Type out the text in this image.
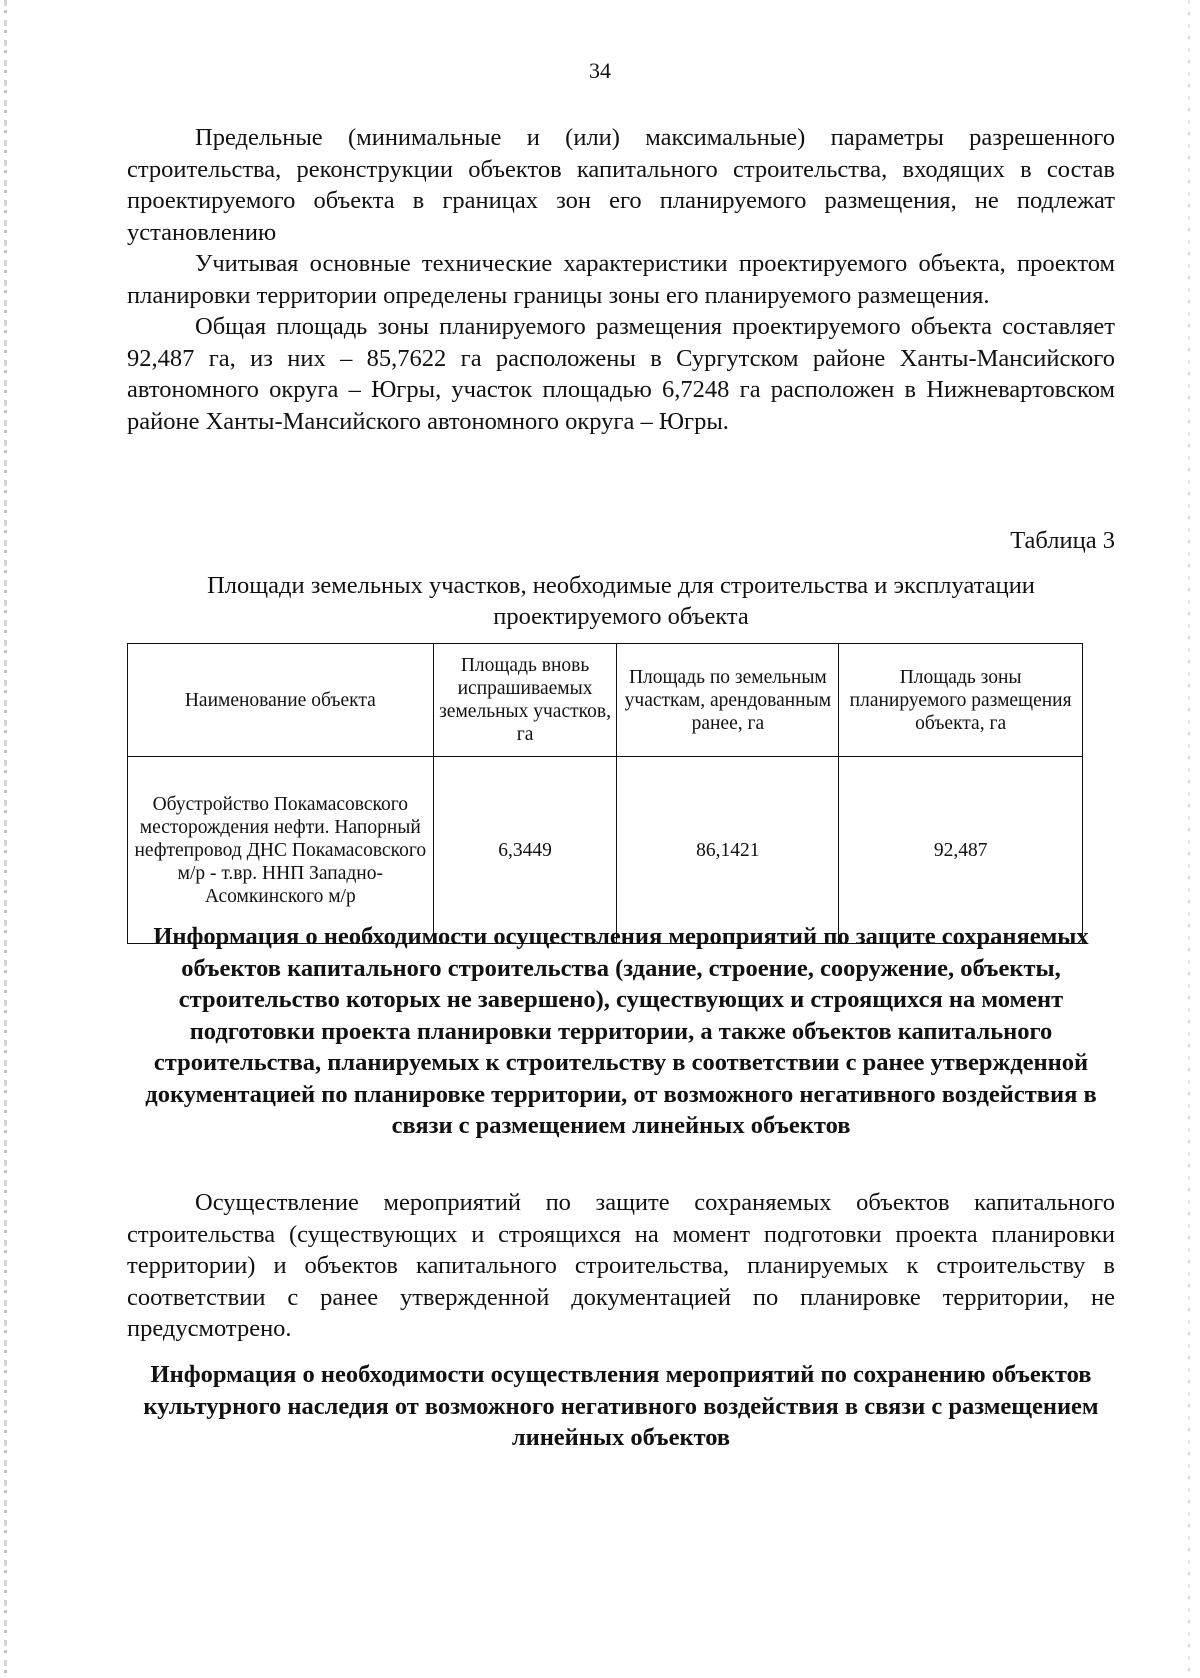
34

Предельные (минимальные и (или) максимальные) параметры разрешенного строительства, реконструкции объектов капитального строительства, входящих в состав проектируемого объекта в границах зон его планируемого размещения, не подлежат установлению

Учитывая основные технические характеристики проектируемого объекта, проектом планировки территории определены границы зоны его планируемого размещения.

Общая площадь зоны планируемого размещения проектируемого объекта составляет 92,487 га, из них – 85,7622 га расположены в Сургутском районе Ханты-Мансийского автономного округа – Югры, участок площадью 6,7248 га расположен в Нижневартовском районе Ханты-Мансийского автономного округа – Югры.

Таблица 3
Площади земельных участков, необходимые для строительства и эксплуатации проектируемого объекта
Наименование объекта	Площадь вновь испрашиваемых земельных участков, га	Площадь по земельным участкам, арендованным ранее, га	Площадь зоны планируемого размещения объекта, га
Обустройство Покамасовского месторождения нефти. Напорный нефтепровод ДНС Покамасовского м/р - т.вр. ННП Западно-Асомкинского м/р	6,3449	86,1421	92,487
Информация о необходимости осуществления мероприятий по защите сохраняемых объектов капитального строительства (здание, строение, сооружение, объекты, строительство которых не завершено), существующих и строящихся на момент подготовки проекта планировки территории, а также объектов капитального строительства, планируемых к строительству в соответствии с ранее утвержденной документацией по планировке территории, от возможного негативного воздействия в связи с размещением линейных объектов

Осуществление мероприятий по защите сохраняемых объектов капитального строительства (существующих и строящихся на момент подготовки проекта планировки территории) и объектов капитального строительства, планируемых к строительству в соответствии с ранее утвержденной документацией по планировке территории, не предусмотрено.

Информация о необходимости осуществления мероприятий по сохранению объектов культурного наследия от возможного негативного воздействия в связи с размещением линейных объектов
